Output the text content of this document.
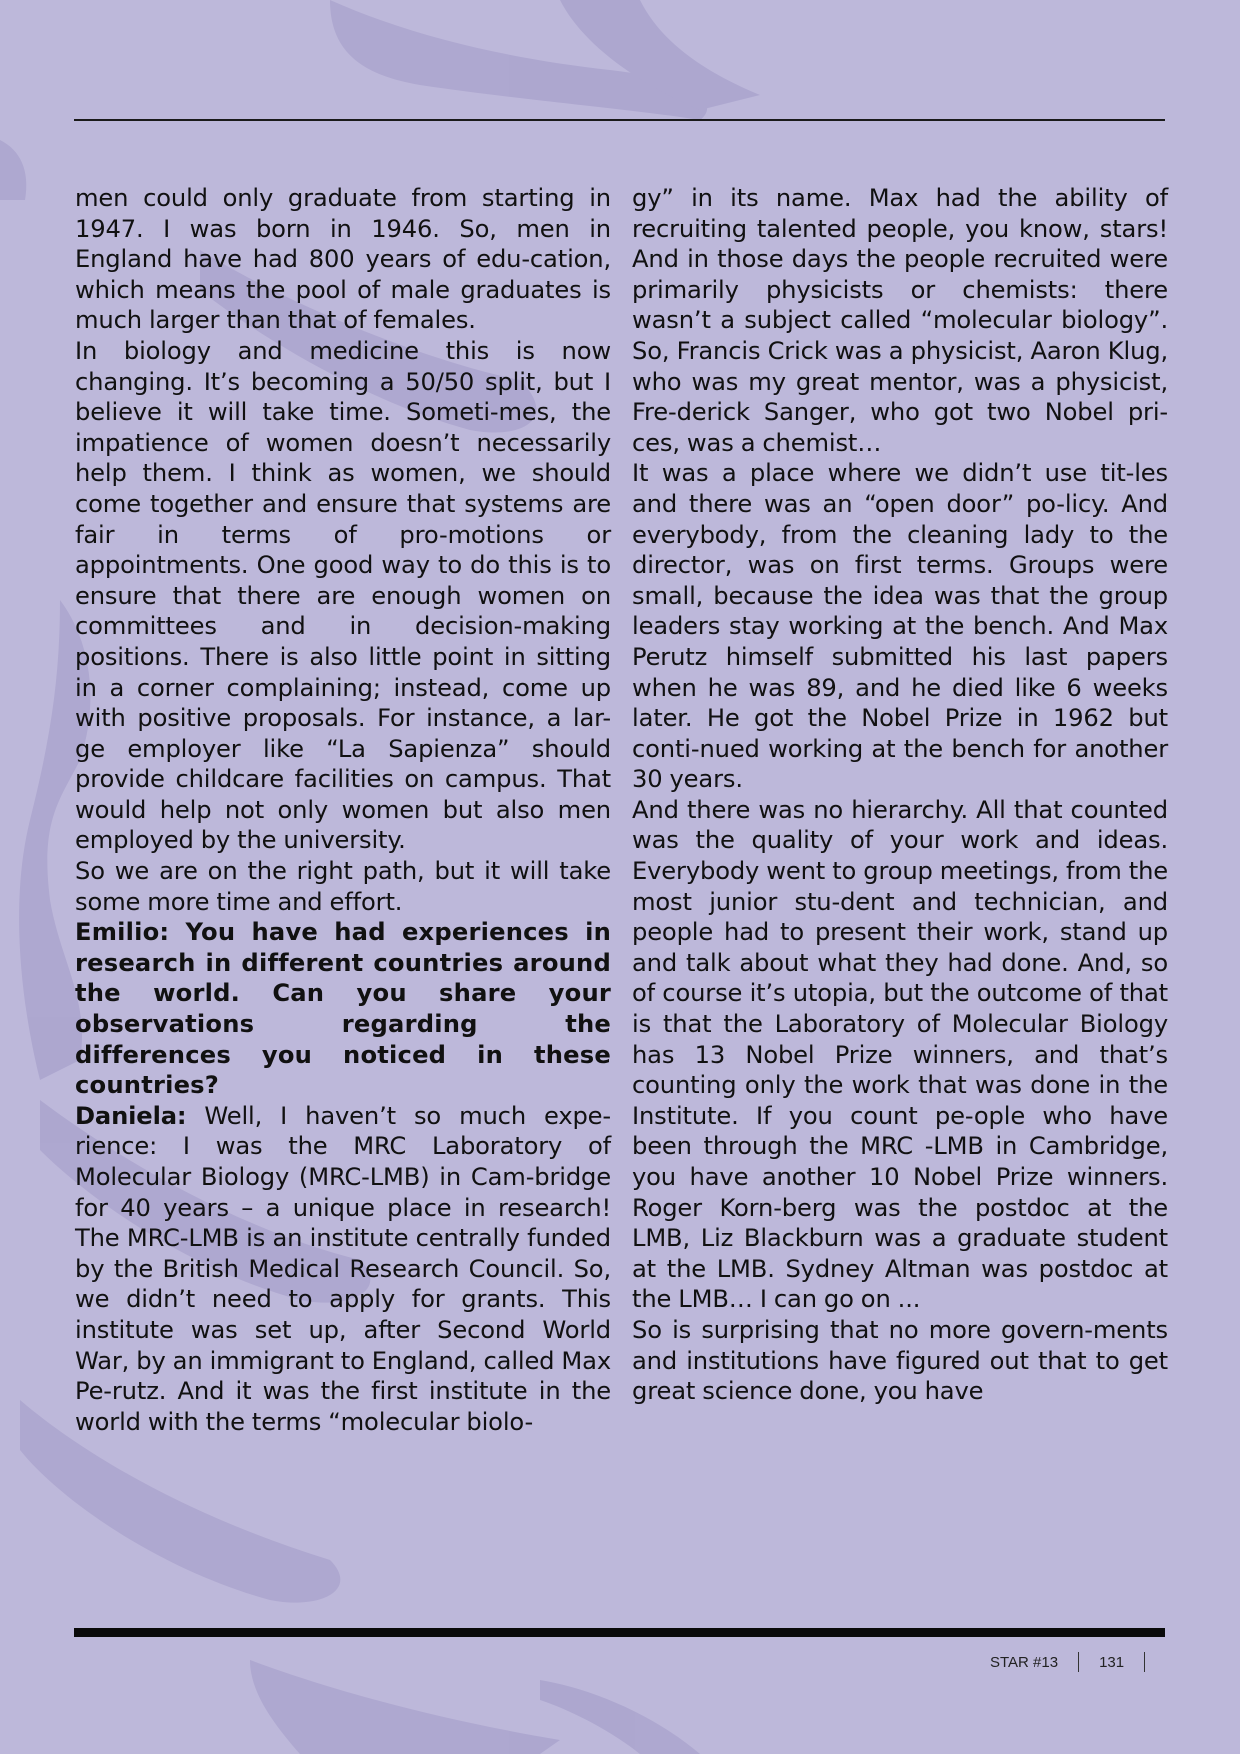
men could only graduate from starting in 1947. I was born in 1946. So, men in England have had 800 years of edu-cation, which means the pool of male graduates is much larger than that of females.

In biology and medicine this is now changing. It’s becoming a 50/50 split, but I believe it will take time. Someti-mes, the impatience of women doesn’t necessarily help them. I think as women, we should come together and ensure that systems are fair in terms of pro-motions or appointments. One good way to do this is to ensure that there are enough women on committees and in decision-making positions. There is also little point in sitting in a corner complaining; instead, come up with positive proposals. For instance, a lar-ge employer like “La Sapienza” should provide childcare facilities on campus. That would help not only women but also men employed by the university.

So we are on the right path, but it will take some more time and effort.

Emilio: You have had experiences in research in different countries around the world. Can you share your observations regarding the differences you noticed in these countries?

Daniela: Well, I haven’t so much expe-rience: I was the MRC Laboratory of Molecular Biology (MRC-LMB) in Cam-bridge for 40 years – a unique place in research! The MRC-LMB is an institute centrally funded by the British Medical Research Council. So, we didn’t need to apply for grants. This institute was set up, after Second World War, by an immigrant to England, called Max Pe-rutz. And it was the first institute in the world with the terms “molecular biolo-

gy” in its name. Max had the ability of recruiting talented people, you know, stars! And in those days the people recruited were primarily physicists or chemists: there wasn’t a subject called “molecular biology”. So, Francis Crick was a physicist, Aaron Klug, who was my great mentor, was a physicist, Fre-derick Sanger, who got two Nobel pri-ces, was a chemist…

It was a place where we didn’t use tit-les and there was an “open door” po-licy. And everybody, from the cleaning lady to the director, was on first terms. Groups were small, because the idea was that the group leaders stay working at the bench. And Max Perutz himself submitted his last papers when he was 89, and he died like 6 weeks later. He got the Nobel Prize in 1962 but conti-nued working at the bench for another 30 years.

And there was no hierarchy. All that counted was the quality of your work and ideas. Everybody went to group meetings, from the most junior stu-dent and technician, and people had to present their work, stand up and talk about what they had done. And, so of course it’s utopia, but the outcome of that is that the Laboratory of Molecular Biology has 13 Nobel Prize winners, and that’s counting only the work that was done in the Institute. If you count pe-ople who have been through the MRC -LMB in Cambridge, you have another 10 Nobel Prize winners. Roger Korn-berg was the postdoc at the LMB, Liz Blackburn was a graduate student at the LMB. Sydney Altman was postdoc at the LMB… I can go on ...

So is surprising that no more govern-ments and institutions have figured out that to get great science done, you have

STAR #13	131
